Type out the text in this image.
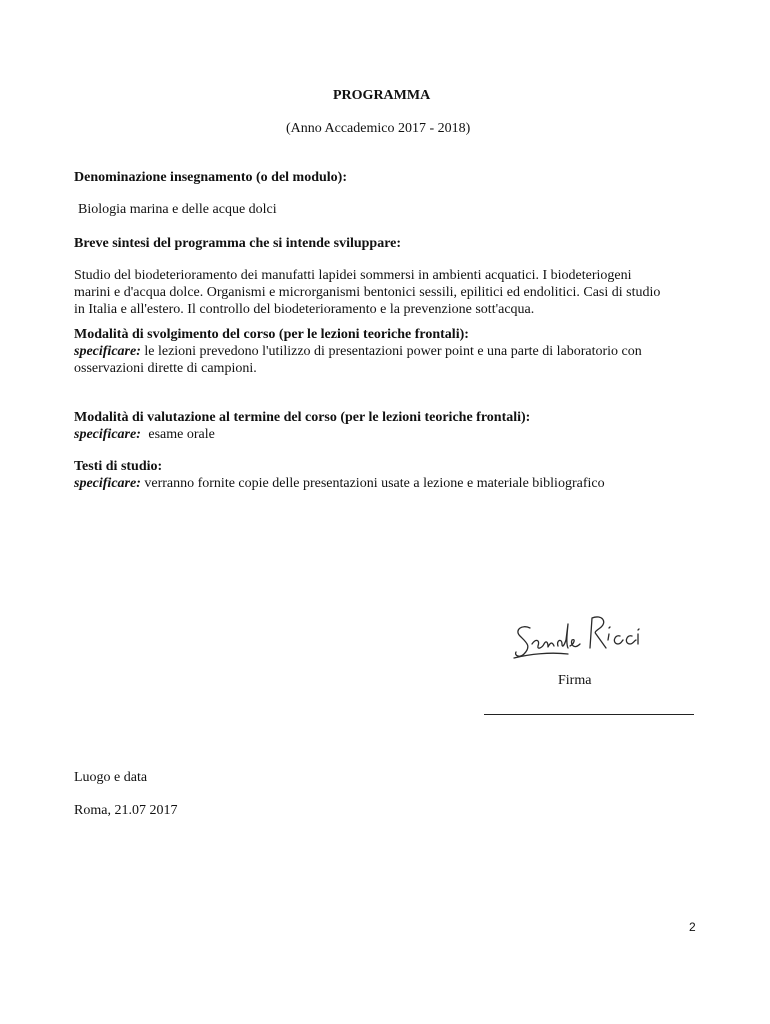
PROGRAMMA
(Anno Accademico 2017 - 2018)
Denominazione insegnamento (o del modulo):
Biologia marina e delle acque dolci
Breve sintesi del programma che si intende sviluppare:
Studio del biodeterioramento dei manufatti lapidei sommersi in ambienti acquatici. I biodeteriogeni
marini e d'acqua dolce. Organismi e microrganismi bentonici sessili, epilitici ed endolitici. Casi di studio
in Italia e all'estero. Il controllo del biodeterioramento e la prevenzione sott'acqua.
Modalità di svolgimento del corso (per le lezioni teoriche frontali):
specificare: le lezioni prevedono l'utilizzo di presentazioni power point e una parte di laboratorio con
osservazioni dirette di campioni.
Modalità di valutazione al termine del corso (per le lezioni teoriche frontali):
specificare: esame orale
Testi di studio:
specificare: verranno fornite copie delle presentazioni usate a lezione e materiale bibliografico
Firma
Luogo e data
Roma, 21.07 2017
2
